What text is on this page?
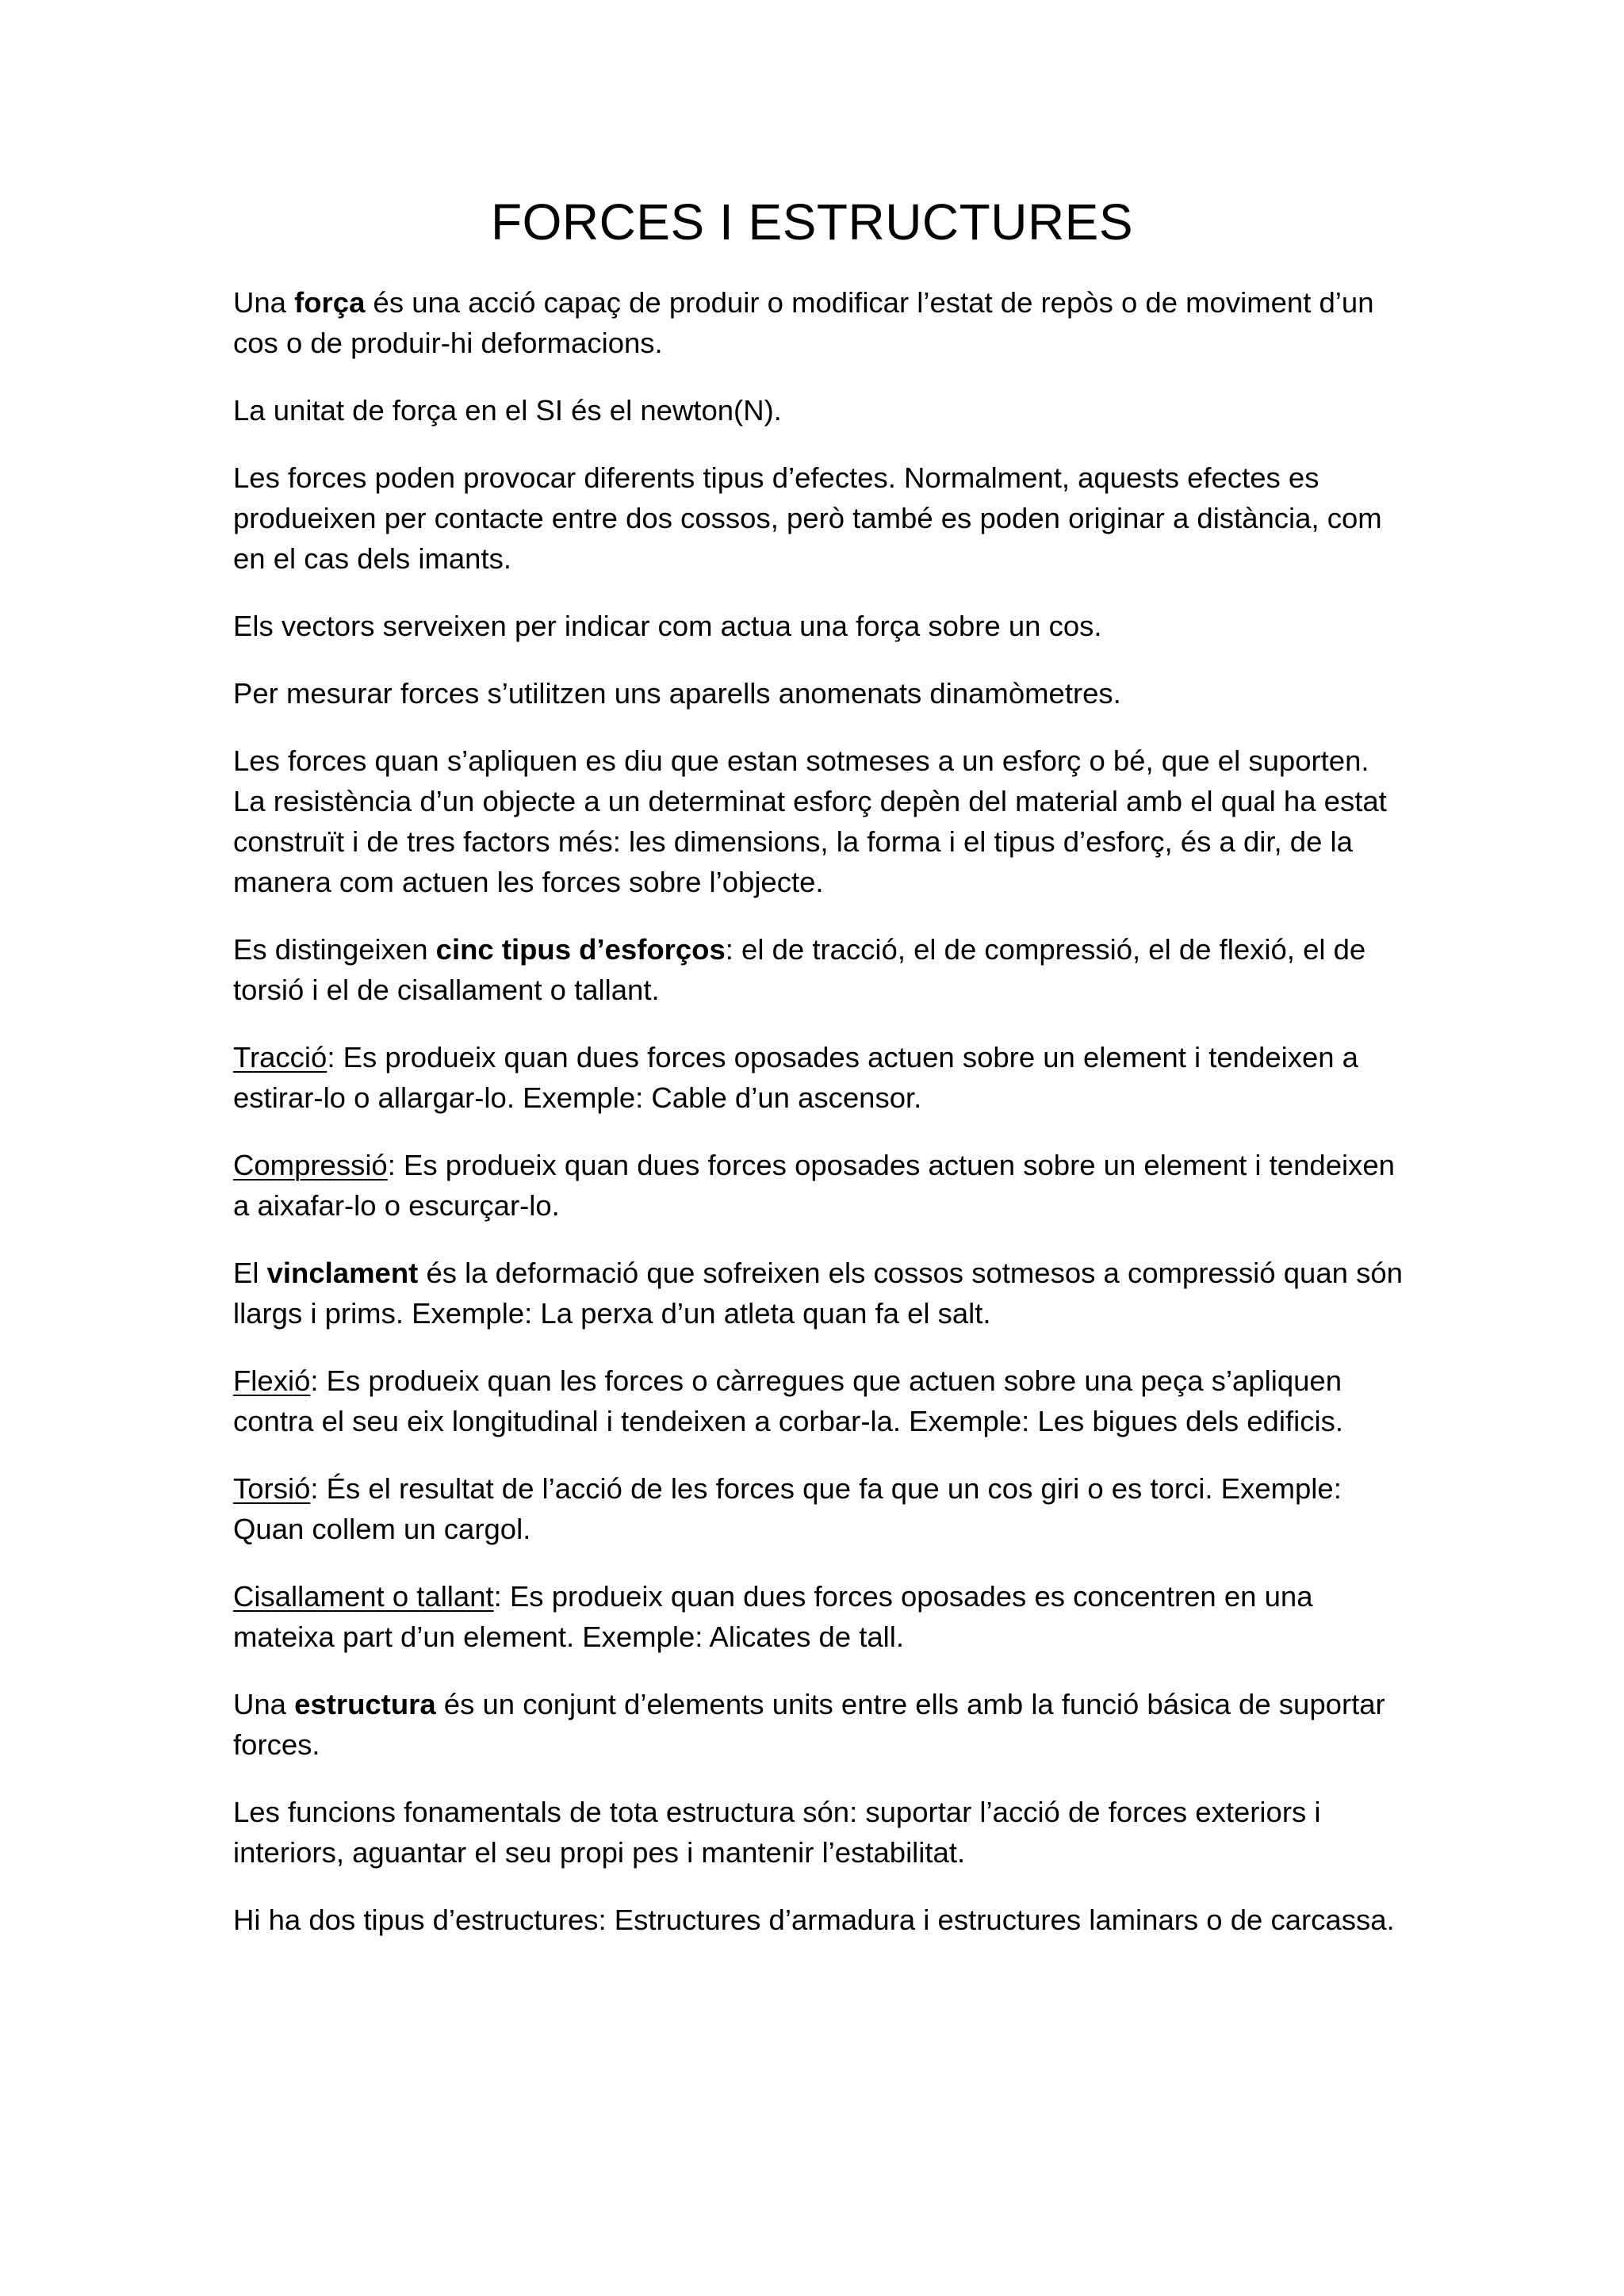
FORCES I ESTRUCTURES

Una força és una acció capaç de produir o modificar l’estat de repòs o de moviment d’un cos o de produir-hi deformacions.

La unitat de força en el SI és el newton(N).

Les forces poden provocar diferents tipus d’efectes. Normalment, aquests efectes es produeixen per contacte entre dos cossos, però també es poden originar a distància, com en el cas dels imants.

Els vectors serveixen per indicar com actua una força sobre un cos.

Per mesurar forces s’utilitzen uns aparells anomenats dinamòmetres.

Les forces quan s’apliquen es diu que estan sotmeses a un esforç o bé, que el suporten. La resistència d’un objecte a un determinat esforç depèn del material amb el qual ha estat construït i de tres factors més: les dimensions, la forma i el tipus d’esforç, és a dir, de la manera com actuen les forces sobre l’objecte.

Es distingeixen cinc tipus d’esforços: el de tracció, el de compressió, el de flexió, el de torsió i el de cisallament o tallant.

Tracció: Es produeix quan dues forces oposades actuen sobre un element i tendeixen a estirar-lo o allargar-lo. Exemple: Cable d’un ascensor.

Compressió: Es produeix quan dues forces oposades actuen sobre un element i tendeixen a aixafar-lo o escurçar-lo.

El vinclament és la deformació que sofreixen els cossos sotmesos a compressió quan són llargs i prims. Exemple: La perxa d’un atleta quan fa el salt.

Flexió: Es produeix quan les forces o càrregues que actuen sobre una peça s’apliquen contra el seu eix longitudinal i tendeixen a corbar-la. Exemple: Les bigues dels edificis.

Torsió: És el resultat de l’acció de les forces que fa que un cos giri o es torci. Exemple: Quan collem un cargol.

Cisallament o tallant: Es produeix quan dues forces oposades es concentren en una mateixa part d’un element. Exemple: Alicates de tall.

Una estructura és un conjunt d’elements units entre ells amb la funció básica de suportar forces.

Les funcions fonamentals de tota estructura són: suportar l’acció de forces exteriors i interiors, aguantar el seu propi pes i mantenir l’estabilitat.

Hi ha dos tipus d’estructures: Estructures d’armadura i estructures laminars o de carcassa.
